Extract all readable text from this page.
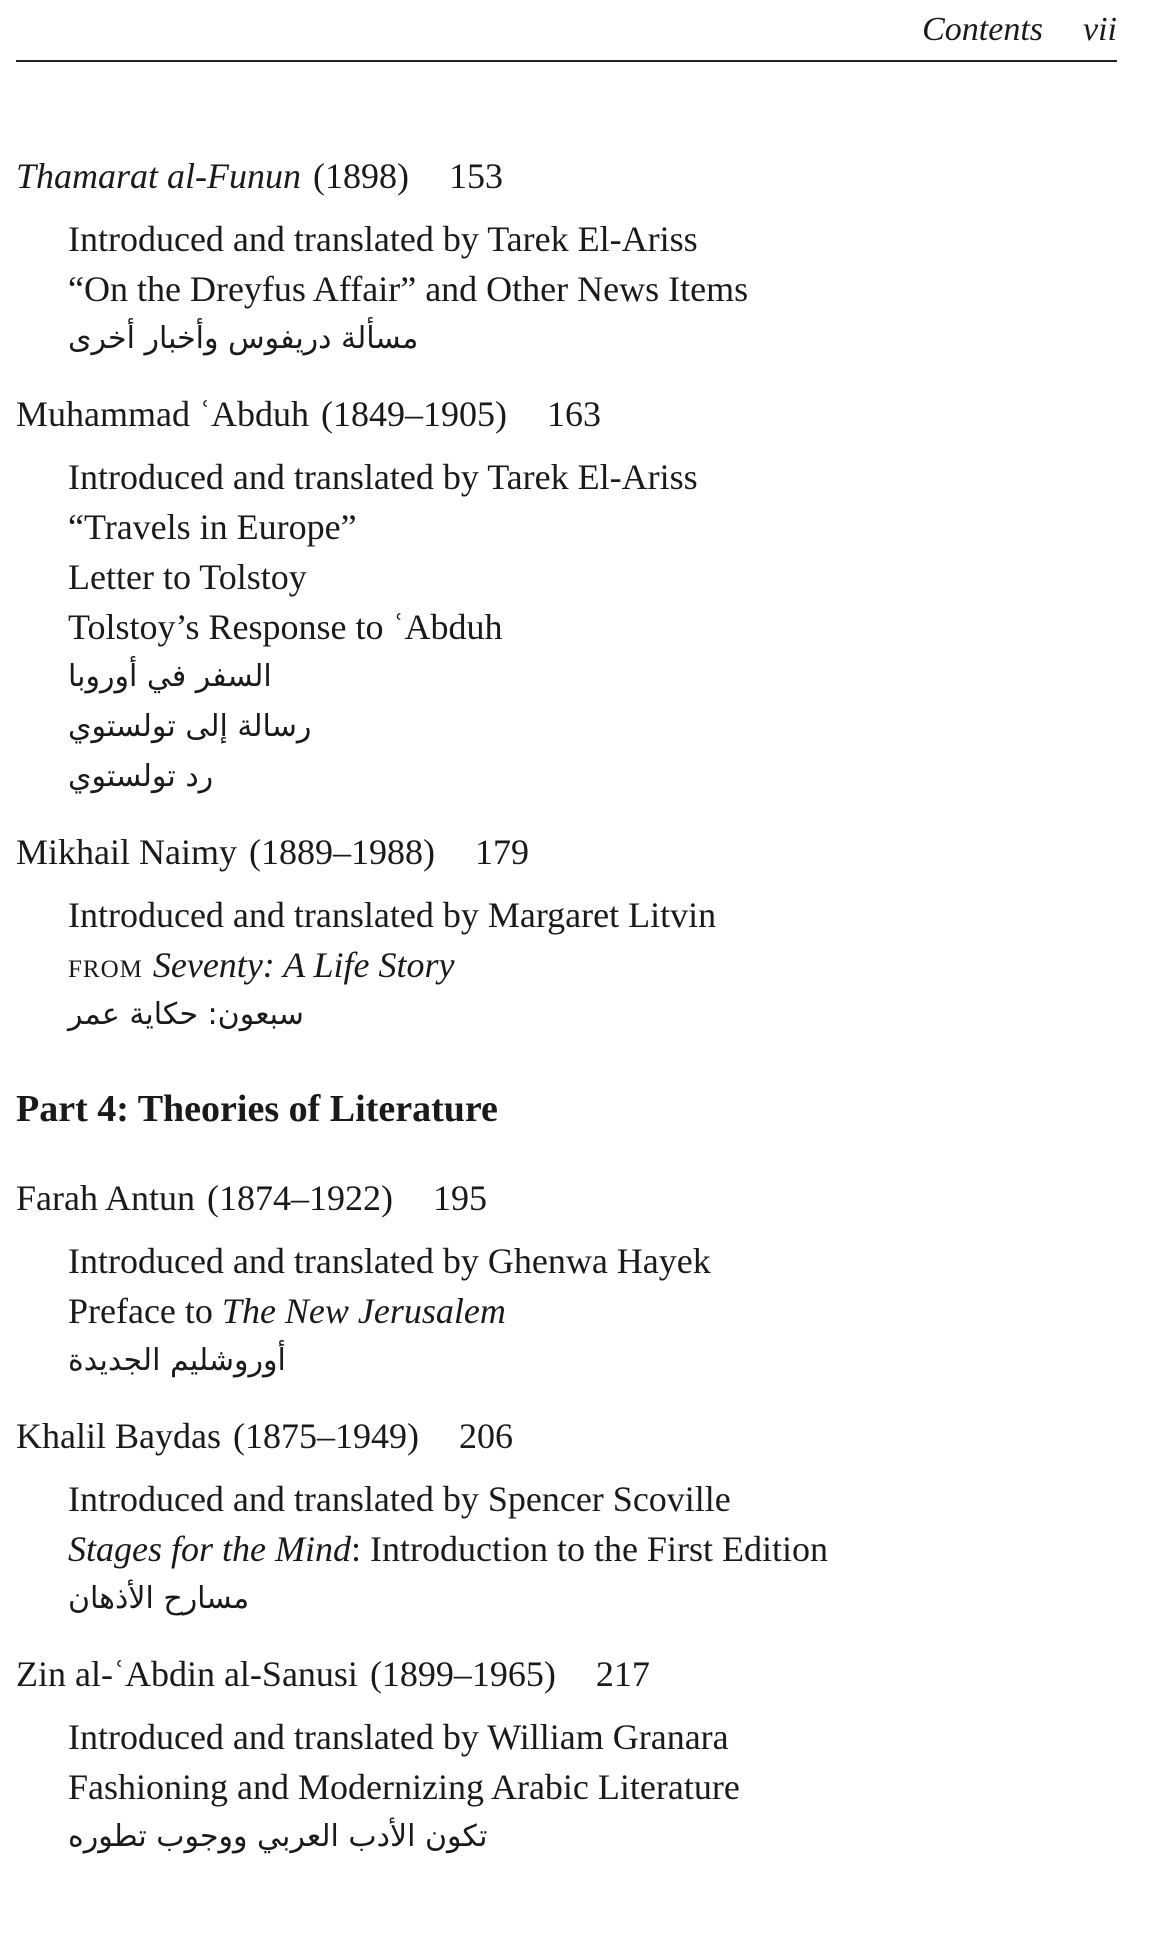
Contents vii
Thamarat al-Funun (1898) 153
Introduced and translated by Tarek El-Ariss
“On the Dreyfus Affair” and Other News Items
مسألة دريفوس وأخبار أخرى
Muhammad ʿAbduh (1849–1905) 163
Introduced and translated by Tarek El-Ariss
“Travels in Europe”
Letter to Tolstoy
Tolstoy’s Response to ʿAbduh
السفر في أوروبا
رسالة إلى تولستوي
رد تولستوي
Mikhail Naimy (1889–1988) 179
Introduced and translated by Margaret Litvin
from Seventy: A Life Story
سبعون: حكاية عمر
Part 4: Theories of Literature
Farah Antun (1874–1922) 195
Introduced and translated by Ghenwa Hayek
Preface to The New Jerusalem
أوروشليم الجديدة
Khalil Baydas (1875–1949) 206
Introduced and translated by Spencer Scoville
Stages for the Mind: Introduction to the First Edition
مسارح الأذهان
Zin al-ʿAbdin al-Sanusi (1899–1965) 217
Introduced and translated by William Granara
Fashioning and Modernizing Arabic Literature
تكون الأدب العربي ووجوب تطوره
